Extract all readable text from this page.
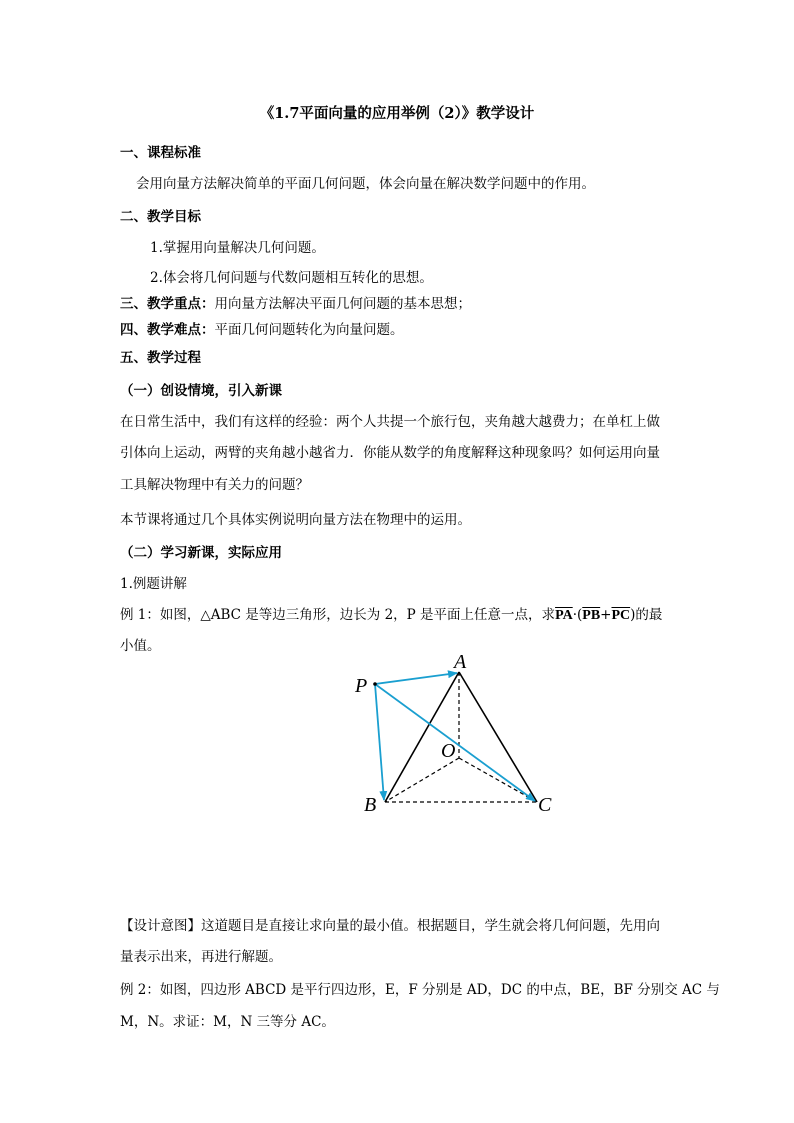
《1.7平面向量的应用举例（2）》教学设计
一、课程标准
会用向量方法解决简单的平面几何问题，体会向量在解决数学问题中的作用。
二、教学目标
1.掌握用向量解决几何问题。
2.体会将几何问题与代数问题相互转化的思想。
三、教学重点：用向量方法解决平面几何问题的基本思想；
四、教学难点：平面几何问题转化为向量问题。
五、教学过程
（一）创设情境，引入新课
在日常生活中，我们有这样的经验：两个人共提一个旅行包，夹角越大越费力；在单杠上做
引体向上运动，两臂的夹角越小越省力．你能从数学的角度解释这种现象吗？如何运用向量
工具解决物理中有关力的问题？
本节课将通过几个具体实例说明向量方法在物理中的运用。
（二）学习新课，实际应用
1.例题讲解
例 1：如图，△ABC 是等边三角形，边长为 2，P 是平面上任意一点，求$\overline{PA}\cdot(\overline{PB}+\overline{PC})$的最
小值。
A
B	C
O
P
【设计意图】这道题目是直接让求向量的最小值。根据题目，学生就会将几何问题，先用向
量表示出来，再进行解题。
例 2：如图，四边形 ABCD 是平行四边形，E，F 分别是 AD，DC 的中点，BE，BF 分别交 AC 与
M，N。求证：M，N 三等分 AC。
